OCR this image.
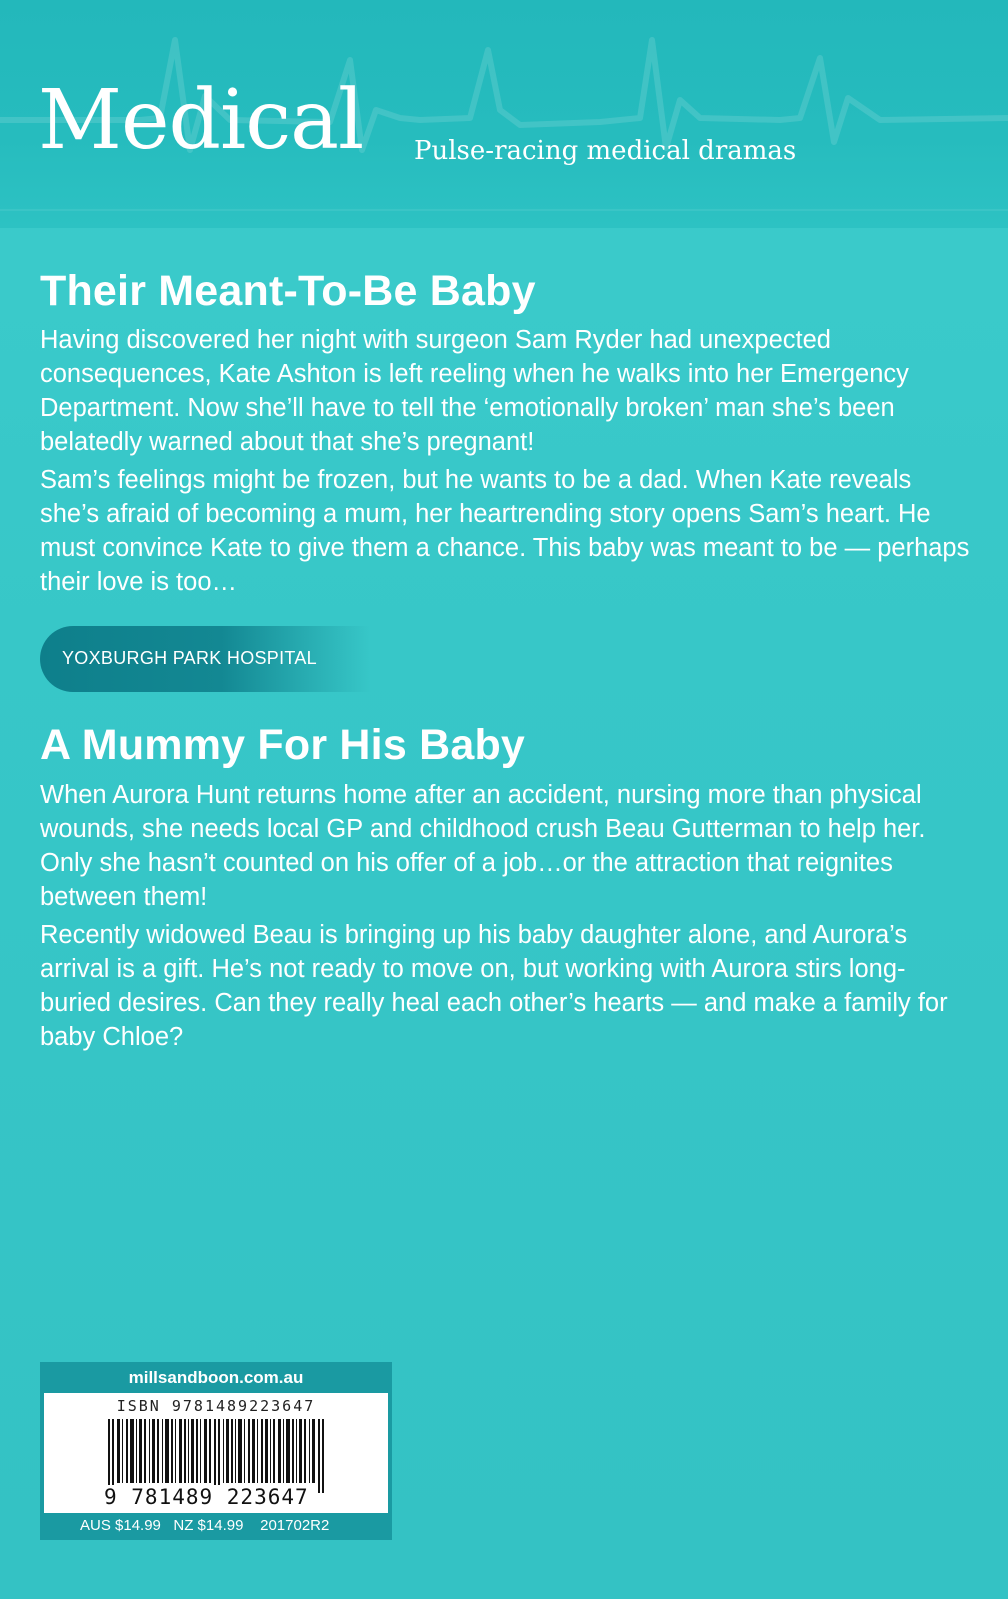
Medical Pulse-racing medical dramas
Their Meant-To-Be Baby

Having discovered her night with surgeon Sam Ryder had unexpected consequences, Kate Ashton is left reeling when he walks into her Emergency Department. Now she’ll have to tell the ‘emotionally broken’ man she’s been belatedly warned about that she’s pregnant!

Sam’s feelings might be frozen, but he wants to be a dad. When Kate reveals she’s afraid of becoming a mum, her heartrending story opens Sam’s heart. He must convince Kate to give them a chance. This baby was meant to be — perhaps their love is too…

YOXBURGH PARK HOSPITAL
A Mummy For His Baby

When Aurora Hunt returns home after an accident, nursing more than physical wounds, she needs local GP and childhood crush Beau Gutterman to help her. Only she hasn’t counted on his offer of a job…or the attraction that reignites between them!

Recently widowed Beau is bringing up his baby daughter alone, and Aurora’s arrival is a gift. He’s not ready to move on, but working with Aurora stirs long-buried desires. Can they really heal each other’s hearts — and make a family for baby Chloe?

millsandboon.com.au
ISBN 9781489223647

9 781489 223647

AUS $14.99   NZ $14.99    201702R2
